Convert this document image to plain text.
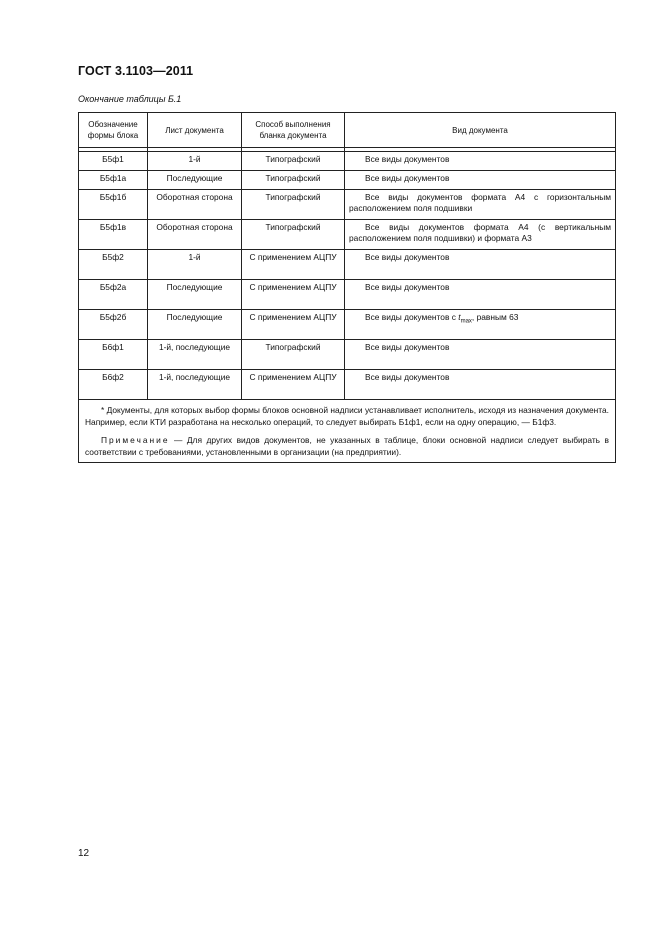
ГОСТ 3.1103—2011
Окончание таблицы Б.1
Обозначение формы блока	Лист документа	Способ выполнения бланка документа	Вид документа

Б5ф1	1-й	Типографский	Все виды документов
Б5ф1а	Последующие	Типографский	Все виды документов
Б5ф1б	Оборотная сторона	Типографский	Все виды документов формата А4 с горизонтальным расположением поля подшивки
Б5ф1в	Оборотная сторона	Типографский	Все виды документов формата А4 (с вертикальным расположением поля подшивки) и формата А3
Б5ф2	1-й	С применением АЦПУ	Все виды документов
Б5ф2а	Последующие	С применением АЦПУ	Все виды документов
Б5ф2б	Последующие	С применением АЦПУ	Все виды документов с $t_{max}$, равным 63
Б6ф1	1-й, последующие	Типографский	Все виды документов
Б6ф2	1-й, последующие	С применением АЦПУ	Все виды документов

* Документы, для которых выбор формы блоков основной надписи устанавливает исполнитель, исходя из назначения документа. Например, если КТИ разработана на несколько операций, то следует выбирать Б1ф1, если на одну операцию, — Б1ф3.

Примечание — Для других видов документов, не указанных в таблице, блоки основной надписи следует выбирать в соответствии с требованиями, установленными в организации (на предприятии).			

12
